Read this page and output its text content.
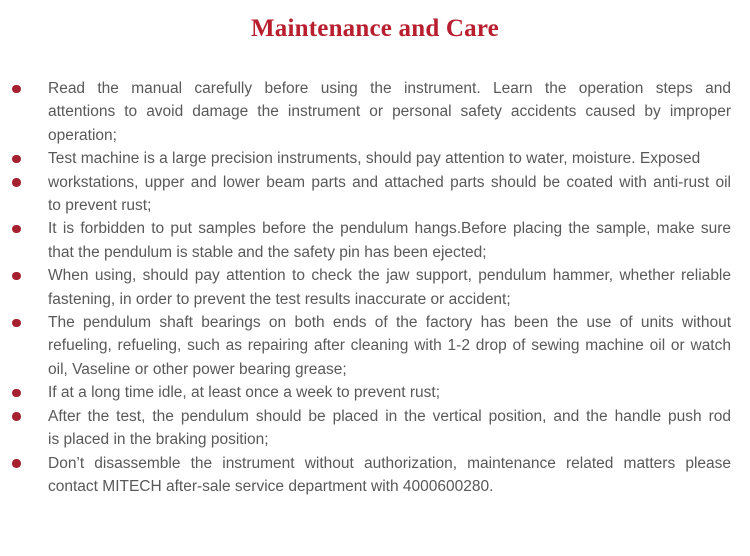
Maintenance and Care
Read the manual carefully before using the instrument. Learn the operation steps and
attentions to avoid damage the instrument or personal safety accidents caused by improper
operation;
Test machine is a large precision instruments, should pay attention to water, moisture. Exposed
workstations, upper and lower beam parts and attached parts should be coated with anti-rust oil
to prevent rust;
It is forbidden to put samples before the pendulum hangs.Before placing the sample, make sure
that the pendulum is stable and the safety pin has been ejected;
When using, should pay attention to check the jaw support, pendulum hammer, whether reliable
fastening, in order to prevent the test results inaccurate or accident;
The pendulum shaft bearings on both ends of the factory has been the use of units without
refueling, refueling, such as repairing after cleaning with 1-2 drop of sewing machine oil or watch
oil, Vaseline or other power bearing grease;
If at a long time idle, at least once a week to prevent rust;
After the test, the pendulum should be placed in the vertical position, and the handle push rod
is placed in the braking position;
Don’t disassemble the instrument without authorization, maintenance related matters please
contact MITECH after-sale service department with 4000600280.
